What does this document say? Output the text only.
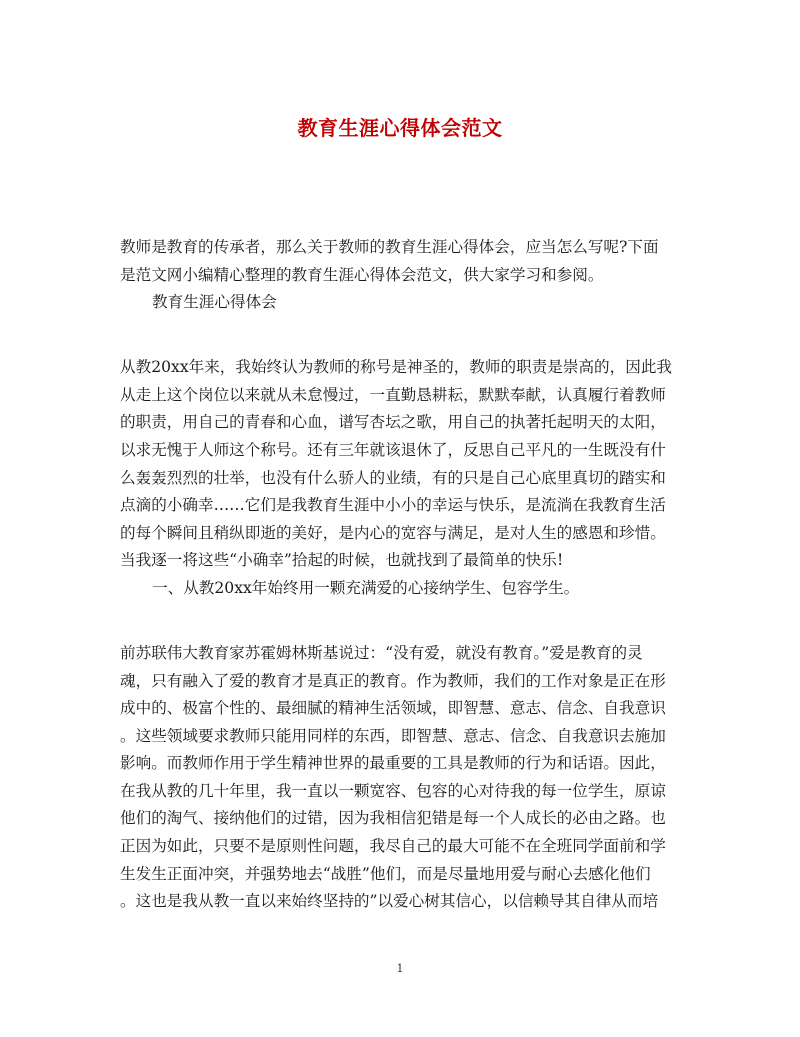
教育生涯心得体会范文
教师是教育的传承者，那么关于教师的教育生涯心得体会，应当怎么写呢?下面
是范文网小编精心整理的教育生涯心得体会范文，供大家学习和参阅。
教育生涯心得体会
从教20xx年来，我始终认为教师的称号是神圣的，教师的职责是崇高的，因此我
从走上这个岗位以来就从未怠慢过，一直勤恳耕耘，默默奉献，认真履行着教师
的职责，用自己的青春和心血，谱写杏坛之歌，用自己的执著托起明天的太阳，
以求无愧于人师这个称号。还有三年就该退休了，反思自己平凡的一生既没有什
么轰轰烈烈的壮举，也没有什么骄人的业绩，有的只是自己心底里真切的踏实和
点滴的小确幸……它们是我教育生涯中小小的幸运与快乐，是流淌在我教育生活
的每个瞬间且稍纵即逝的美好，是内心的宽容与满足，是对人生的感恩和珍惜。
当我逐一将这些“小确幸”拾起的时候，也就找到了最简单的快乐!
一、从教20xx年始终用一颗充满爱的心接纳学生、包容学生。
前苏联伟大教育家苏霍姆林斯基说过：“没有爱，就没有教育。”爱是教育的灵
魂，只有融入了爱的教育才是真正的教育。作为教师，我们的工作对象是正在形
成中的、极富个性的、最细腻的精神生活领域，即智慧、意志、信念、自我意识
。这些领域要求教师只能用同样的东西，即智慧、意志、信念、自我意识去施加
影响。而教师作用于学生精神世界的最重要的工具是教师的行为和话语。因此，
在我从教的几十年里，我一直以一颗宽容、包容的心对待我的每一位学生，原谅
他们的淘气、接纳他们的过错，因为我相信犯错是每一个人成长的必由之路。也
正因为如此，只要不是原则性问题，我尽自己的最大可能不在全班同学面前和学
生发生正面冲突，并强势地去“战胜”他们，而是尽量地用爱与耐心去感化他们
。这也是我从教一直以来始终坚持的”以爱心树其信心，以信赖导其自律从而培
1
